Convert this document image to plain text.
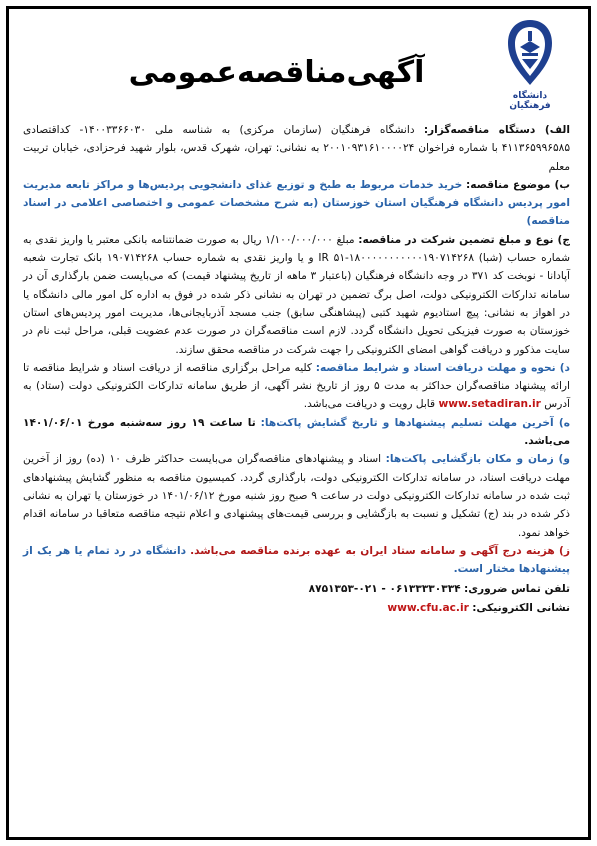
دانشگاه فرهنگیان
آگهی‌مناقصه‌عمومی

الف) دستگاه مناقصه‌گزار: دانشگاه فرهنگیان (سازمان مرکزی) به شناسه ملی ۱۴۰۰۳۳۶۶۰۳۰- کداقتصادی ۴۱۱۳۶۵۹۹۶۵۸۵ با شماره فراخوان ۲۰۰۱۰۹۳۱۶۱۰۰۰۰۲۴ به نشانی: تهران، شهرک قدس، بلوار شهید فرحزادی، خیابان تربیت معلم

ب) موضوع مناقصه: خرید خدمات مربوط به طبخ و توزیع غذای دانشجویی پردیس‌ها و مراکز تابعه مدیریت امور پردیس دانشگاه فرهنگیان استان خوزستان (به شرح مشخصات عمومی و اختصاصی اعلامی در اسناد مناقصه)

ج) نوع و مبلغ تضمین شرکت در مناقصه: مبلغ ۱/۱۰۰/۰۰۰/۰۰۰ ریال به صورت ضمانتنامه بانکی معتبر یا واریز نقدی به شماره حساب (شبا) IR ۵۱-۱۸۰۰۰۰۰۰۰۰۰۰۰۱۹۰۷۱۴۲۶۸ و یا واریز نقدی به شماره حساب ۱۹۰۷۱۴۲۶۸ بانک تجارت شعبه آپادانا - نوبخت کد ۳۷۱ در وجه دانشگاه فرهنگیان (باعتبار ۳ ماهه از تاریخ پیشنهاد قیمت) که می‌بایست ضمن بارگذاری آن در سامانه تدارکات الکترونیکی دولت، اصل برگ تضمین در تهران به نشانی ذکر شده در فوق به اداره کل امور مالی دانشگاه یا در اهواز به نشانی: پیچ استادیوم شهید کتبی (پیشاهنگی سابق) جنب مسجد آذربایجانی‌ها، مدیریت امور پردیس‌های استان خوزستان به صورت فیزیکی تحویل دانشگاه گردد. لازم است مناقصه‌گران در صورت عدم عضویت قبلی، مراحل ثبت نام در سایت مذکور و دریافت گواهی امضای الکترونیکی را جهت شرکت در مناقصه محقق سازند.

د) نحوه و مهلت دریافت اسناد و شرایط مناقصه: کلیه مراحل برگزاری مناقصه از دریافت اسناد و شرایط مناقصه تا ارائه پیشنهاد مناقصه‌گران حداکثر به مدت ۵ روز از تاریخ نشر آگهی، از طریق سامانه تدارکات الکترونیکی دولت (ستاد) به آدرس www.setadiran.ir قابل رویت و دریافت می‌باشد.

ه) آخرین مهلت تسلیم پیشنهادها و تاریخ گشایش پاکت‌ها: تا ساعت ۱۹ روز سه‌شنبه مورخ ۱۴۰۱/۰۶/۰۱ می‌باشد.

و) زمان و مکان بازگشایی پاکت‌ها: اسناد و پیشنهادهای مناقصه‌گران می‌بایست حداکثر ظرف ۱۰ (ده) روز از آخرین مهلت دریافت اسناد، در سامانه تدارکات الکترونیکی دولت، بارگذاری گردد. کمیسیون مناقصه به منظور گشایش پیشنهادهای ثبت شده در سامانه تدارکات الکترونیکی دولت در ساعت ۹ صبح روز شنبه مورخ ۱۴۰۱/۰۶/۱۲ در خوزستان یا تهران به نشانی ذکر شده در بند (ج) تشکیل و نسبت به بازگشایی و بررسی قیمت‌های پیشنهادی و اعلام نتیجه مناقصه متعاقبا در سامانه اقدام خواهد نمود.

ز) هزینه درج آگهی و سامانه ستاد ایران به عهده برنده مناقصه می‌باشد. دانشگاه در رد تمام یا هر یک از پیشنهادها مختار است.

تلفن تماس ضروری: ۰۶۱۳۳۳۳۰۳۳۴ - ۰۲۱-۸۷۵۱۳۵۳

نشانی الکترونیکی: www.cfu.ac.ir
